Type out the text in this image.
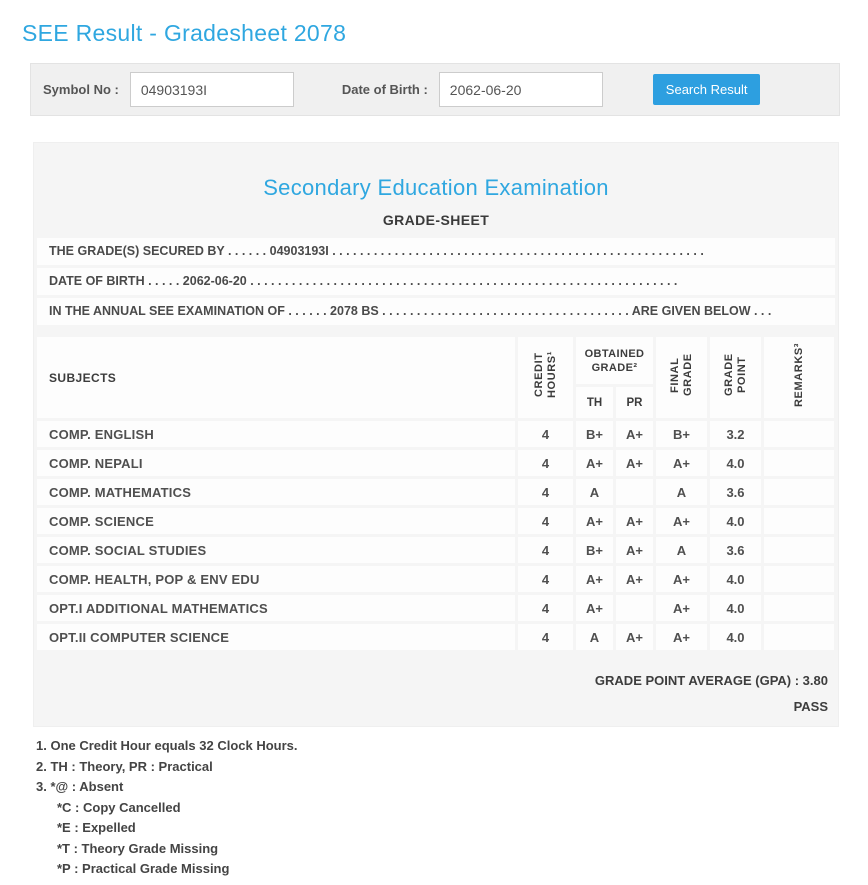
SEE Result - Gradesheet 2078
Symbol No :
04903193I	Date of Birth :
2062-06-20	Search Result
Secondary Education Examination
GRADE-SHEET
THE GRADE(S) SECURED BY . . . . . . 04903193I . . . . . . . . . . . . . . . . . . . . . . . . . . . . . . . . . . . . . . . . . . . . . . . . . . . . . .
DATE OF BIRTH . . . . . 2062-06-20 . . . . . . . . . . . . . . . . . . . . . . . . . . . . . . . . . . . . . . . . . . . . . . . . . . . . . . . . . . . . . .
IN THE ANNUAL SEE EXAMINATION OF . . . . . . 2078 BS . . . . . . . . . . . . . . . . . . . . . . . . . . . . . . . . . . . . ARE GIVEN BELOW . . .
SUBJECTS	CREDIT HOURS¹	OBTAINED GRADE²		FINAL GRADE	GRADE POINT	REMARKS³
		TH	PR			
COMP. ENGLISH	4	B+	A+	B+	3.2	
COMP. NEPALI	4	A+	A+	A+	4.0	
COMP. MATHEMATICS	4	A		A	3.6	
COMP. SCIENCE	4	A+	A+	A+	4.0	
COMP. SOCIAL STUDIES	4	B+	A+	A	3.6	
COMP. HEALTH, POP & ENV EDU	4	A+	A+	A+	4.0	
OPT.I ADDITIONAL MATHEMATICS	4	A+		A+	4.0	
OPT.II COMPUTER SCIENCE	4	A	A+	A+	4.0	
GRADE POINT AVERAGE (GPA) : 3.80
PASS
1. One Credit Hour equals 32 Clock Hours.
2. TH : Theory, PR : Practical
3. *@ : Absent
*C : Copy Cancelled
*E : Expelled
*T : Theory Grade Missing
*P : Practical Grade Missing
